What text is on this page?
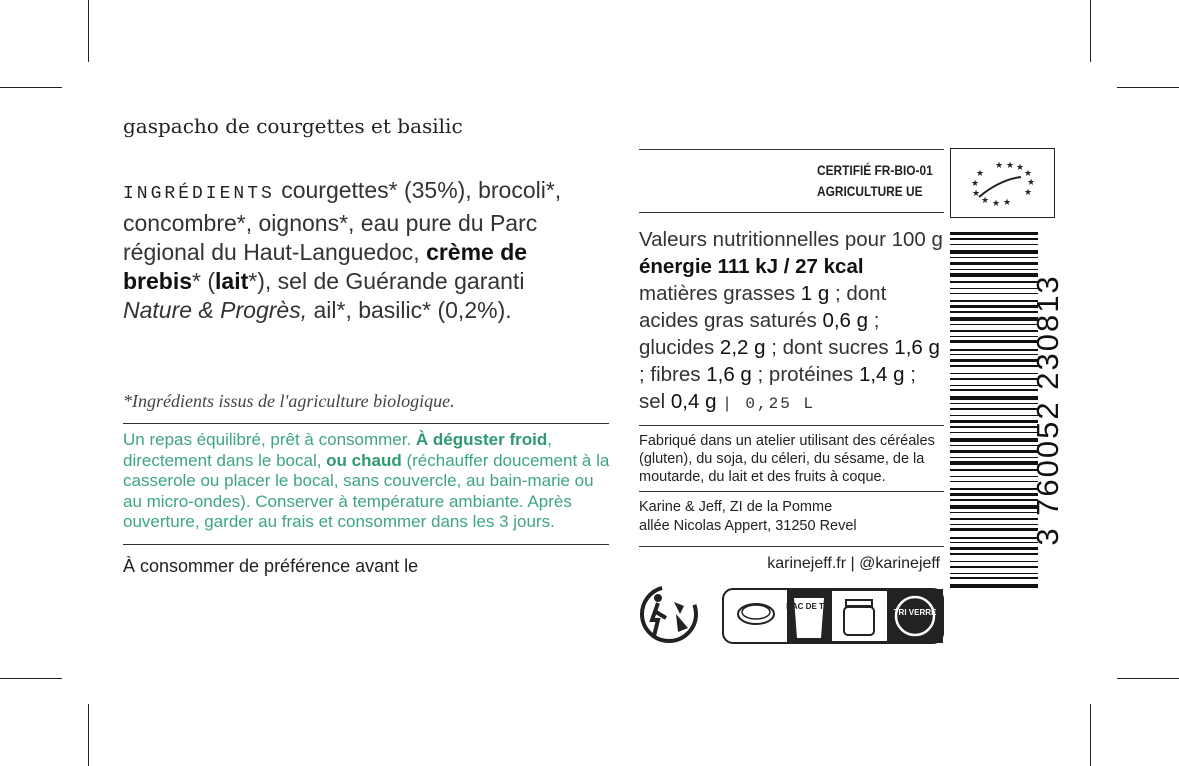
gaspacho de courgettes et basilic
INGRÉDIENTS courgettes* (35%), brocoli*, concombre*, oignons*, eau pure du Parc régional du Haut-Languedoc, crème de brebis* (lait*), sel de Guérande garanti Nature & Progrès, ail*, basilic* (0,2%).
*Ingrédients issus de l'agriculture biologique.
Un repas équilibré, prêt à consommer. À déguster froid, directement dans le bocal, ou chaud (réchauffer doucement à la casserole ou placer le bocal, sans couvercle, au bain-marie ou au micro-ondes). Conserver à température ambiante. Après ouverture, garder au frais et consommer dans les 3 jours.
À consommer de préférence avant le
CERTIFIÉ FR-BIO-01
AGRICULTURE UE
★ ★ ★
★
★
★
★
★
★
★ ★ ★
Valeurs nutritionnelles pour 100 g énergie 111 kJ / 27 kcal matières grasses 1 g ; dont acides gras saturés 0,6 g ; glucides 2,2 g ; dont sucres 1,6 g ; fibres 1,6 g ; protéines 1,4 g ; sel 0,4 g | 0,25 L
Fabriqué dans un atelier utilisant des céréales (gluten), du soja, du céleri, du sésame, de la moutarde, du lait et des fruits à coque.
Karine & Jeff, ZI de la Pomme
allée Nicolas Appert, 31250 Revel
karinejeff.fr | @karinejeff
BAC DE TRI
TRI VERRE
3 760052 230813
